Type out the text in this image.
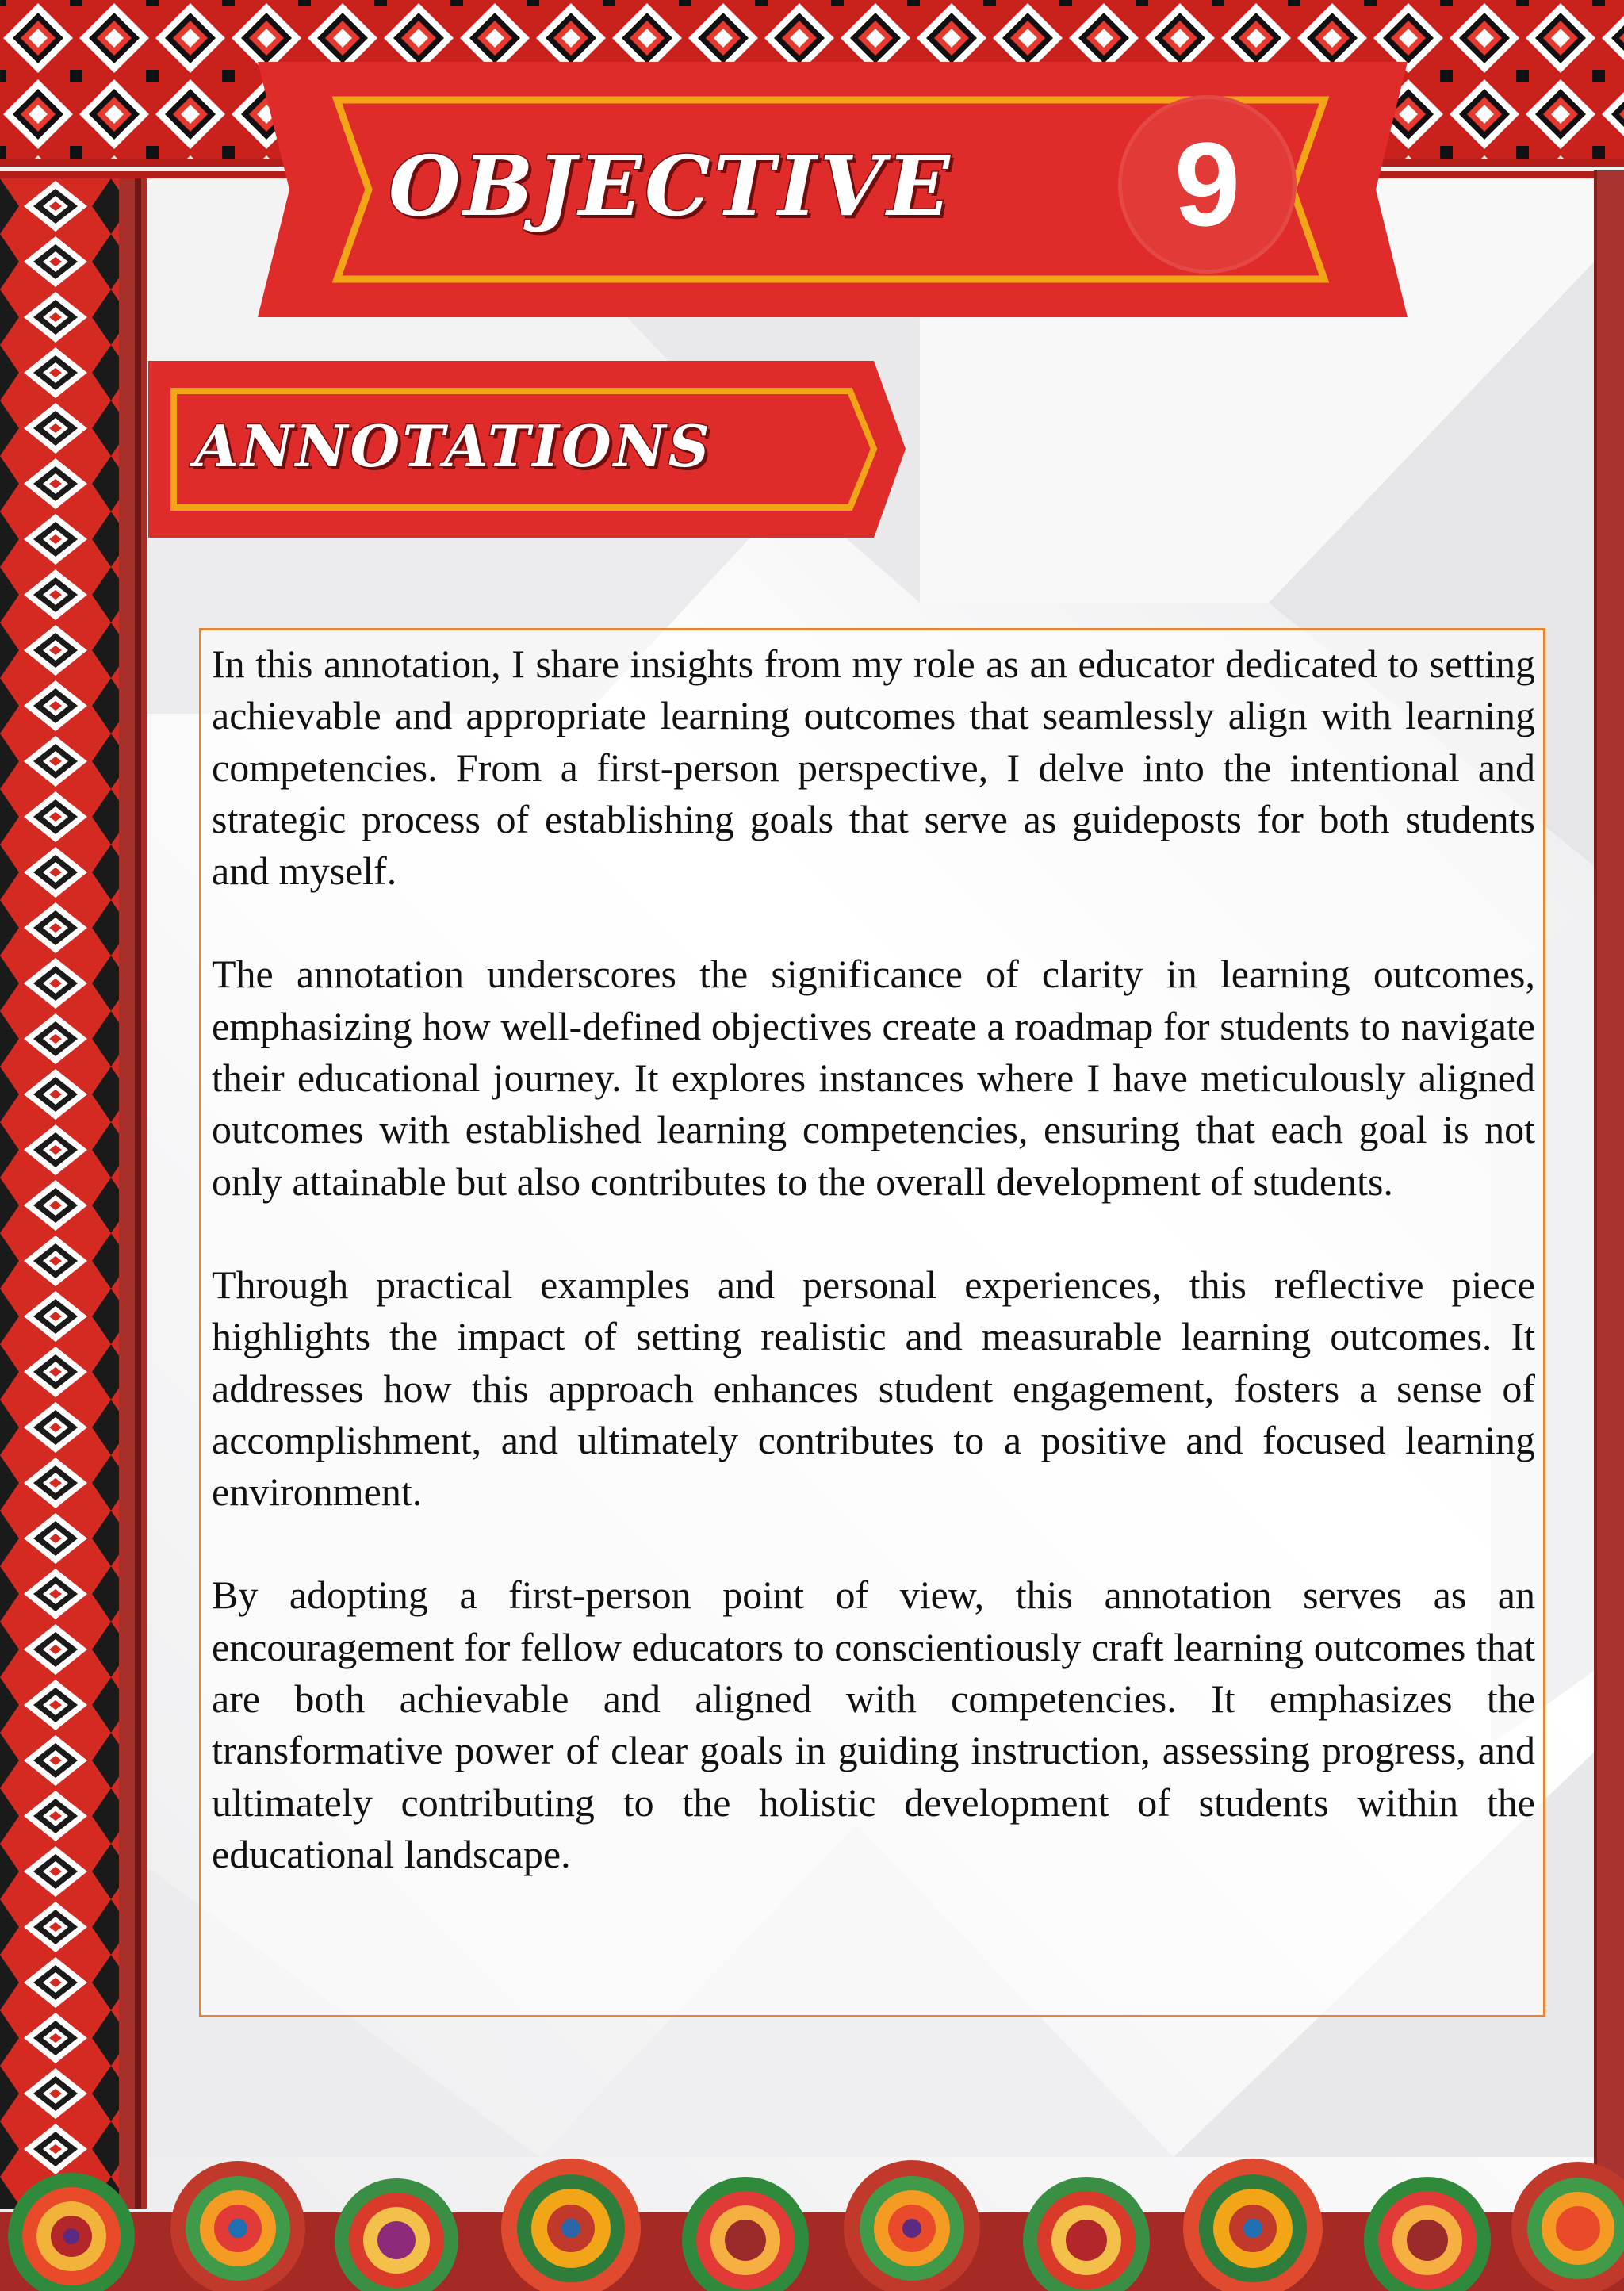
OBJECTIVE	9
ANNOTATIONS

In this annotation, I share insights from my role as an educator dedicated to setting achievable and appropriate learning outcomes that seamlessly align with learning competencies. From a first-person perspective, I delve into the intentional and strategic process of establishing goals that serve as guideposts for both students and myself.

The annotation underscores the significance of clarity in learning outcomes, emphasizing how well-defined objectives create a roadmap for students to navigate their educational journey. It explores instances where I have meticulously aligned outcomes with established learning competencies, ensuring that each goal is not only attainable but also contributes to the overall development of students.

Through practical examples and personal experiences, this reflective piece highlights the impact of setting realistic and measurable learning outcomes. It addresses how this approach enhances student engagement, fosters a sense of accomplishment, and ultimately contributes to a positive and focused learning environment.

By adopting a first-person point of view, this annotation serves as an encouragement for fellow educators to conscientiously craft learning outcomes that are both achievable and aligned with competencies. It emphasizes the transformative power of clear goals in guiding instruction, assessing progress, and ultimately contributing to the holistic development of students within the educational landscape.
